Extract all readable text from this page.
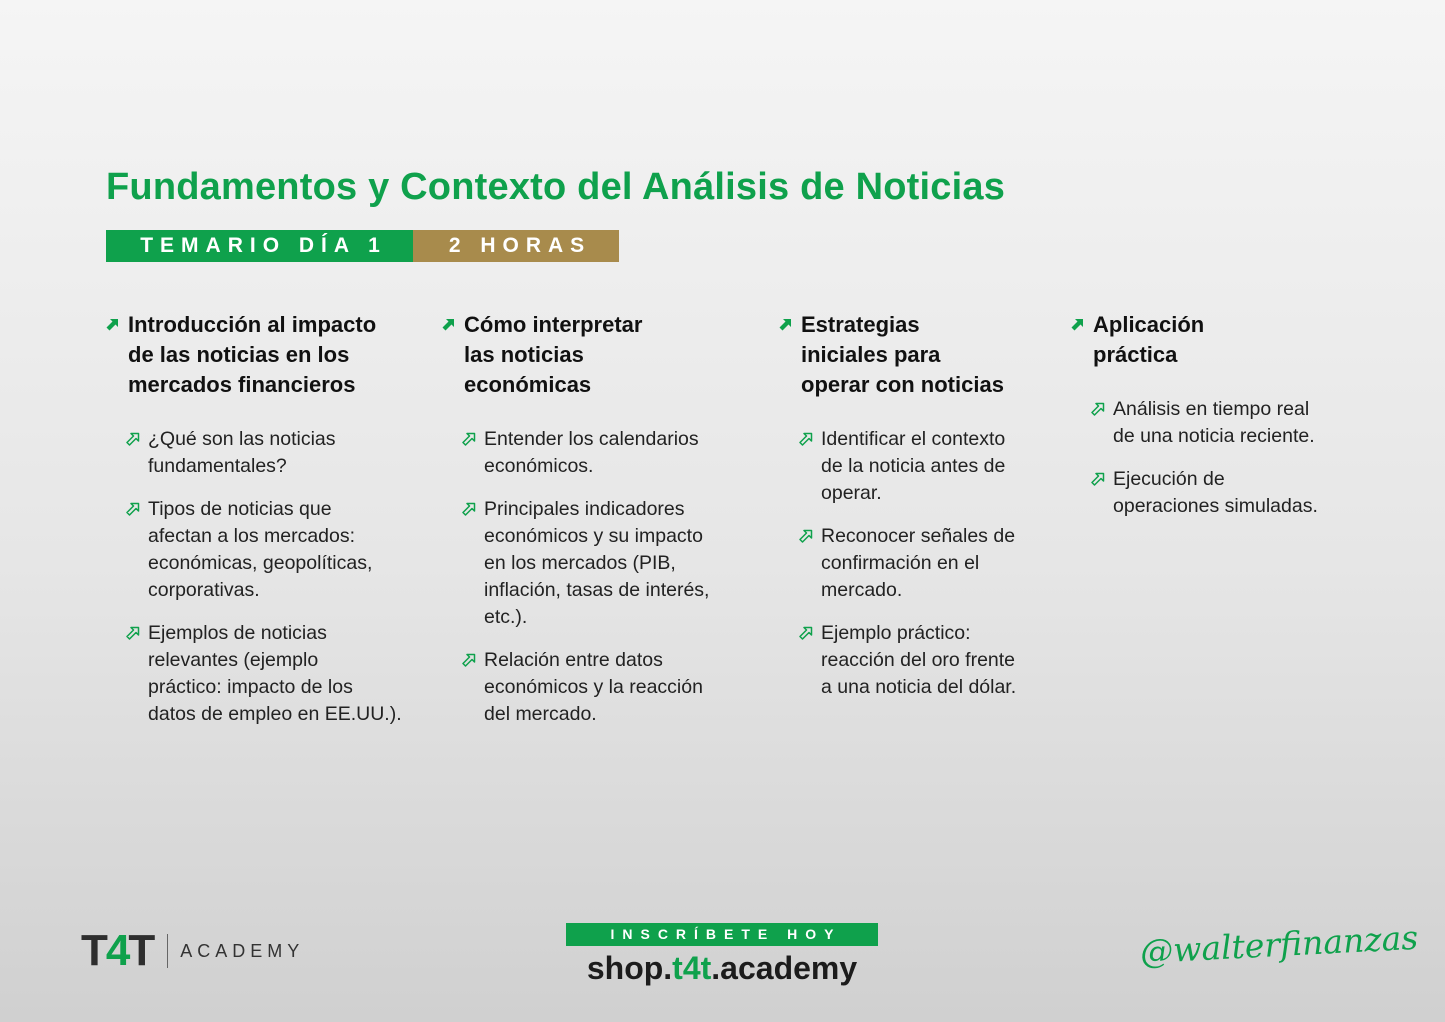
Fundamentos y Contexto del Análisis de Noticias
TEMARIO DÍA 1	2 HORAS
Introducción al impacto
de las noticias en los
mercados financieros
¿Qué son las noticias
fundamentales?
Tipos de noticias que
afectan a los mercados:
económicas, geopolíticas,
corporativas.
Ejemplos de noticias
relevantes (ejemplo
práctico: impacto de los
datos de empleo en EE.UU.).
Cómo interpretar
las noticias
económicas
Entender los calendarios
económicos.
Principales indicadores
económicos y su impacto
en los mercados (PIB,
inflación, tasas de interés,
etc.).
Relación entre datos
económicos y la reacción
del mercado.
Estrategias
iniciales para
operar con noticias
Identificar el contexto
de la noticia antes de
operar.
Reconocer señales de
confirmación en el
mercado.
Ejemplo práctico:
reacción del oro frente
a una noticia del dólar.
Aplicación
práctica
Análisis en tiempo real
de una noticia reciente.
Ejecución de
operaciones simuladas.
T 4 T ACADEMY
INSCRÍBETE HOY
shop.t4t.academy	@walterfinanzas
